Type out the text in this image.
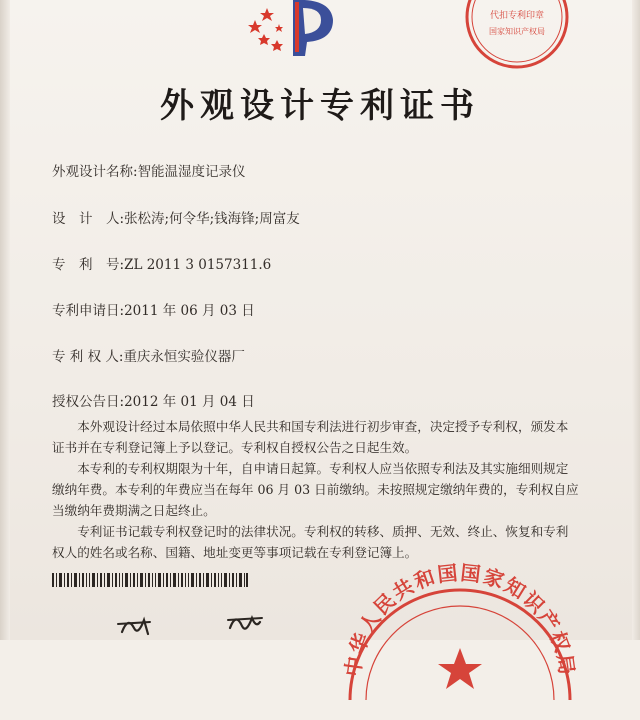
外观设计专利证书
外观设计名称:智能温湿度记录仪
设　计　人:张松涛;何令华;钱海锋;周富友
专　利　号:ZL 2011 3 0157311.6
专利申请日:2011 年 06 月 03 日
专 利 权 人:重庆永恒实验仪器厂
授权公告日:2012 年 01 月 04 日

本外观设计经过本局依照中华人民共和国专利法进行初步审查，决定授予专利权，颁发本证书并在专利登记簿上予以登记。专利权自授权公告之日起生效。

本专利的专利权期限为十年，自申请日起算。专利权人应当依照专利法及其实施细则规定缴纳年费。本专利的年费应当在每年 06 月 03 日前缴纳。未按照规定缴纳年费的，专利权自应当缴纳年费期满之日起终止。

专利证书记载专利权登记时的法律状况。专利权的转移、质押、无效、终止、恢复和专利权人的姓名或名称、国籍、地址变更等事项记载在专利登记簿上。

代扣专利印章
国家知识产权局
中华人民共和国国家知识产权局
